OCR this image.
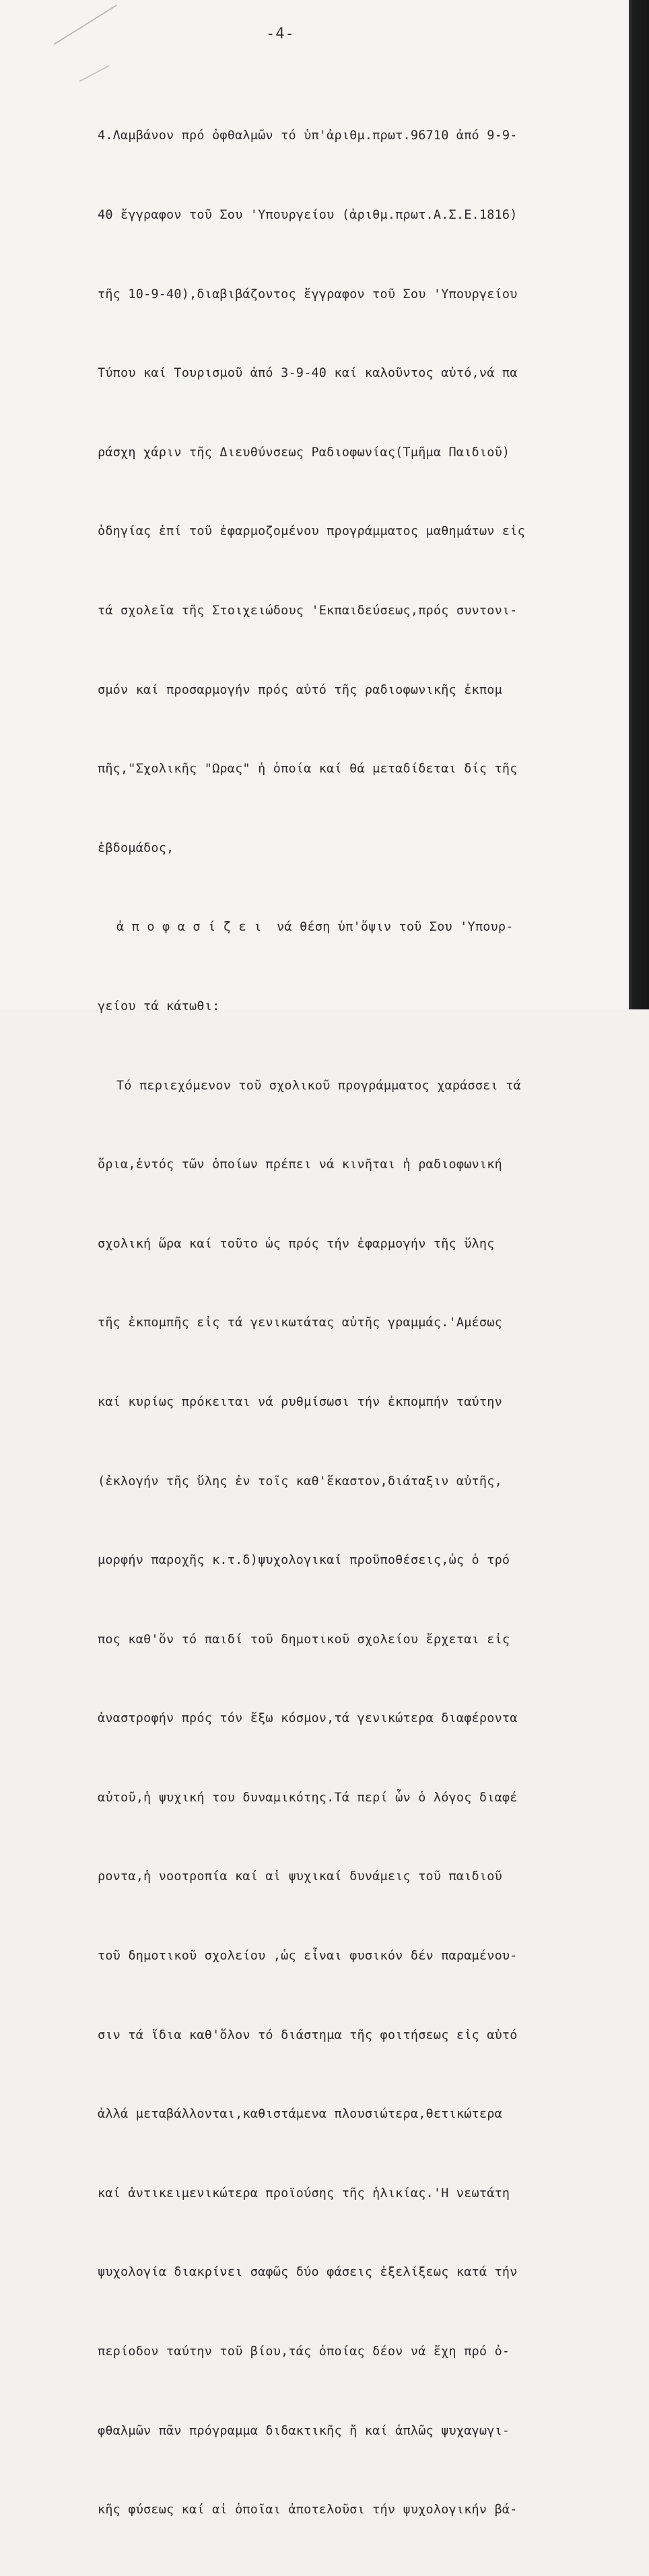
-4-

4.Λαμβάνον πρό ὀφθαλμῶν τό ὑπ'ἀριθμ.πρωτ.96710 ἀπό 9-9-

40 ἔγγραφον τοῦ Σου 'Υπουργείου (ἀριθμ.πρωτ.Α.Σ.Ε.1816)

τῆς 10-9-40),διαβιβάζοντος ἔγγραφον τοῦ Σου 'Υπουργείου

Τύπου καί Τουρισμοῦ ἀπό 3-9-40 καί καλοῦντος αὐτό,νά πα

ράσχη χάριν τῆς Διευθύνσεως Ραδιοφωνίας(Τμῆμα Παιδιοῦ)

ὁδηγίας ἐπί τοῦ ἐφαρμοζομένου προγράμματος μαθημάτων εἰς

τά σχολεῖα τῆς Στοιχειώδους 'Εκπαιδεύσεως,πρός συντονι-

σμόν καί προσαρμογήν πρός αὐτό τῆς ραδιοφωνικῆς ἐκπομ

πῆς,"Σχολικῆς "Ωρας" ἡ ὁποία καί θά μεταδίδεται δίς τῆς

ἑβδομάδος,

ἀ π ο φ α σ ί ζ ε ι  νά θέση ὑπ'ὄψιν τοῦ Σου 'Υπουρ-

γείου τά κάτωθι:

Τό περιεχόμενον τοῦ σχολικοῦ προγράμματος χαράσσει τά

ὅρια,ἐντός τῶν ὁποίων πρέπει νά κινῆται ἡ ραδιοφωνική

σχολική ὥρα καί τοῦτο ὡς πρός τήν ἐφαρμογήν τῆς ὕλης

τῆς ἐκπομπῆς εἰς τά γενικωτάτας αὐτῆς γραμμάς.'Αμέσως

καί κυρίως πρόκειται νά ρυθμίσωσι τήν ἐκπομπήν ταύτην

(ἐκλογήν τῆς ὕλης ἐν τοῖς καθ'ἕκαστον,διάταξιν αὐτῆς,

μορφήν παροχῆς κ.τ.δ)ψυχολογικαί προϋποθέσεις,ὡς ὁ τρό

πος καθ'ὅν τό παιδί τοῦ δημοτικοῦ σχολείου ἔρχεται εἰς

ἀναστροφήν πρός τόν ἔξω κόσμον,τά γενικώτερα διαφέροντα

αὐτοῦ,ἡ ψυχική του δυναμικότης.Τά περί ὧν ὁ λόγος διαφέ

ροντα,ἡ νοοτροπία καί αἱ ψυχικαί δυνάμεις τοῦ παιδιοῦ

τοῦ δημοτικοῦ σχολείου ,ὡς εἶναι φυσικόν δέν παραμένου-

σιν τά ἴδια καθ'ὅλον τό διάστημα τῆς φοιτήσεως εἰς αὐτό

ἀλλά μεταβάλλονται,καθιστάμενα πλουσιώτερα,θετικώτερα

καί ἀντικειμενικώτερα προϊούσης τῆς ἡλικίας.'Η νεωτάτη

ψυχολογία διακρίνει σαφῶς δύο φάσεις ἐξελίξεως κατά τήν

περίοδον ταύτην τοῦ βίου,τάς ὁποίας δέον νά ἔχη πρό ὀ-

φθαλμῶν πᾶν πρόγραμμα διδακτικῆς ἤ καί ἁπλῶς ψυχαγωγι-

κῆς φύσεως καί αἱ ὁποῖαι ἀποτελοῦσι τήν ψυχολογικήν βά-
